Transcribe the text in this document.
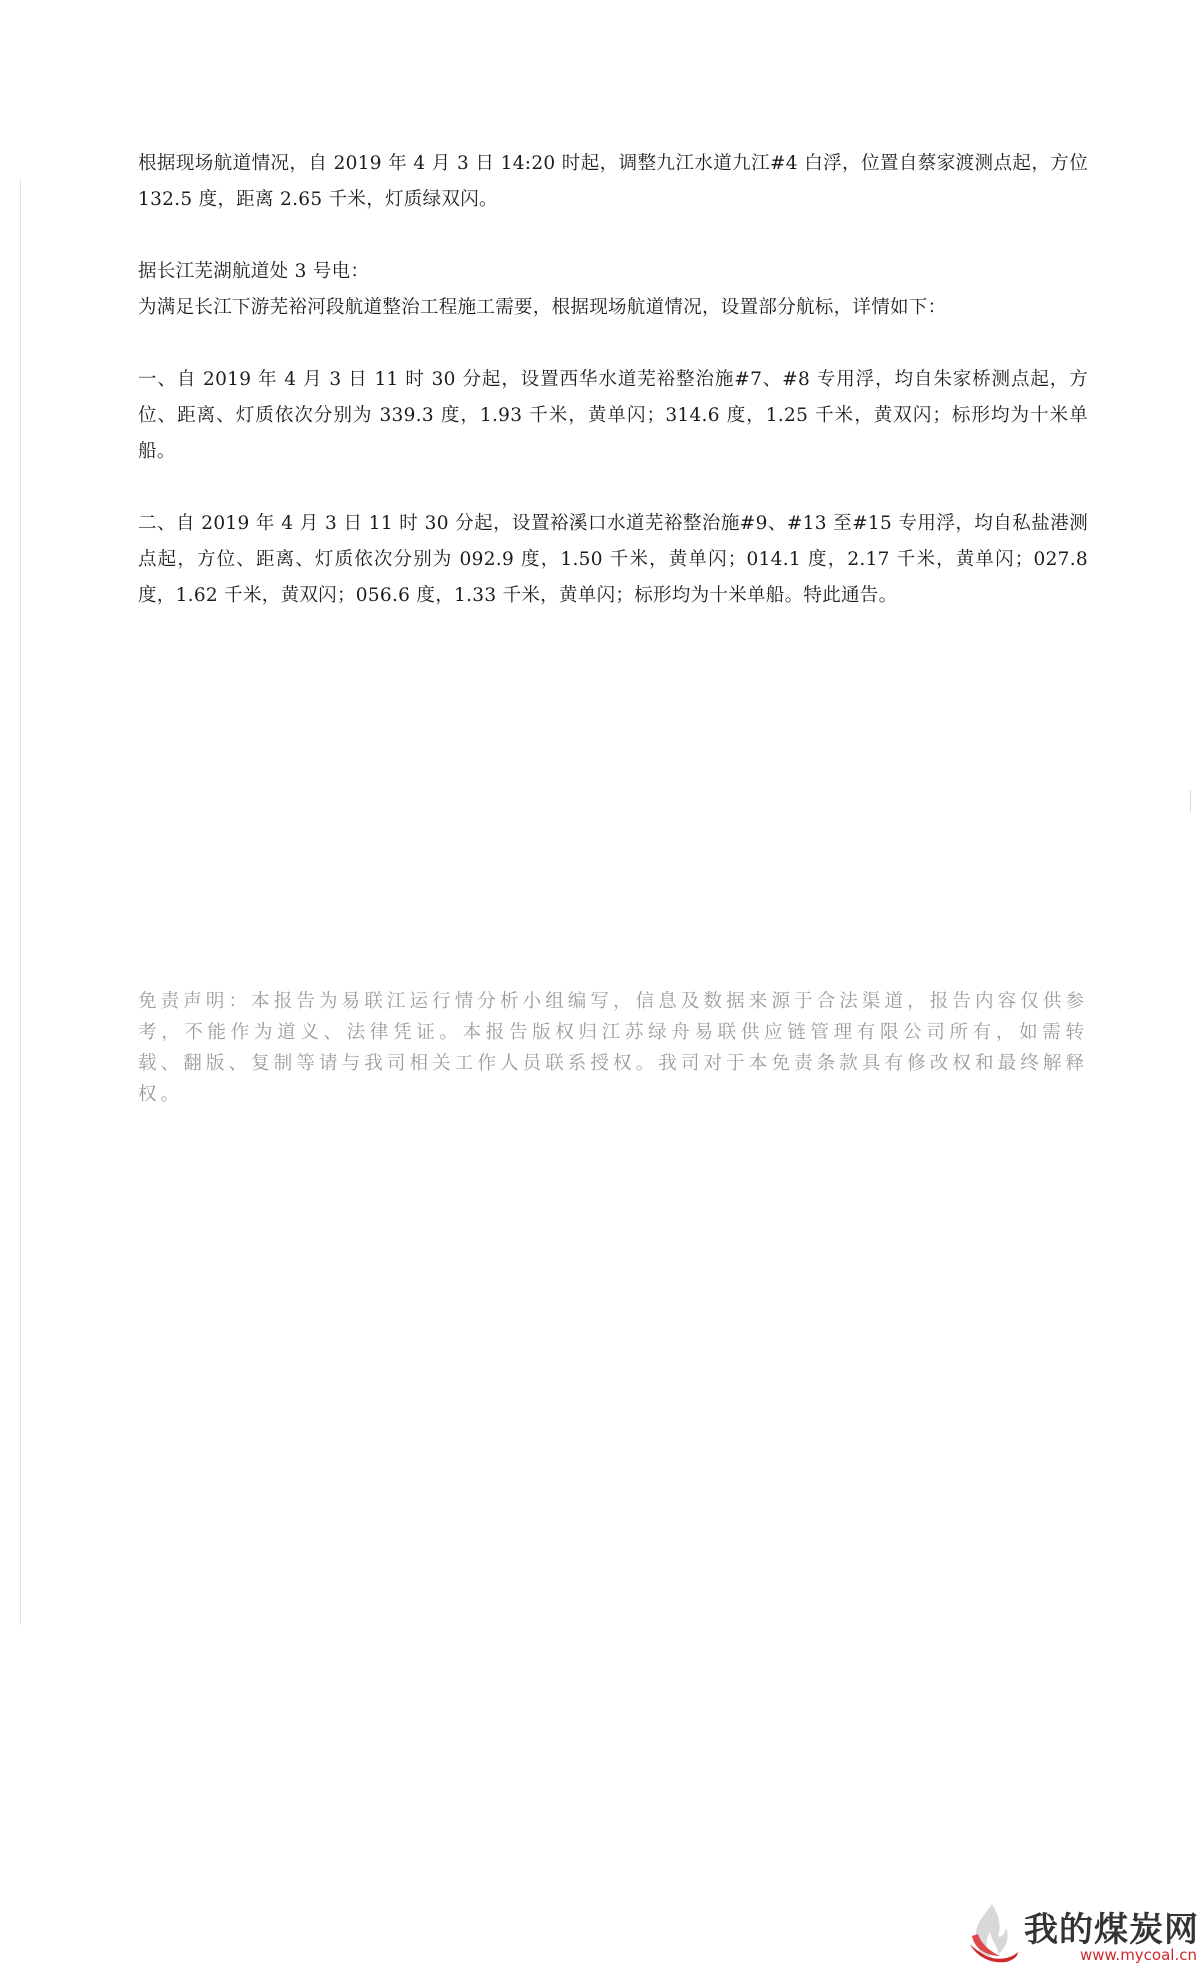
根据现场航道情况，自 2019 年 4 月 3 日 14:20 时起，调整九江水道九江#4 白浮，位置自蔡家渡测点起，方位 132.5 度，距离 2.65 千米，灯质绿双闪。

据长江芜湖航道处 3 号电：

为满足长江下游芜裕河段航道整治工程施工需要，根据现场航道情况，设置部分航标，详情如下：

一、自 2019 年 4 月 3 日 11 时 30 分起，设置西华水道芜裕整治施#7、#8 专用浮，均自朱家桥测点起，方位、距离、灯质依次分别为 339.3 度，1.93 千米，黄单闪；314.6 度，1.25 千米，黄双闪；标形均为十米单船。

二、自 2019 年 4 月 3 日 11 时 30 分起，设置裕溪口水道芜裕整治施#9、#13 至#15 专用浮，均自私盐港测点起，方位、距离、灯质依次分别为 092.9 度，1.50 千米，黄单闪；014.1 度，2.17 千米，黄单闪；027.8 度，1.62 千米，黄双闪；056.6 度，1.33 千米，黄单闪；标形均为十米单船。特此通告。

免责声明：本报告为易联江运行情分析小组编写，信息及数据来源于合法渠道，报告内容仅供参考，不能作为道义、法律凭证。本报告版权归江苏绿舟易联供应链管理有限公司所有，如需转载、翻版、复制等请与我司相关工作人员联系授权。我司对于本免责条款具有修改权和最终解释权。

我的煤炭网
www.mycoal.cn
